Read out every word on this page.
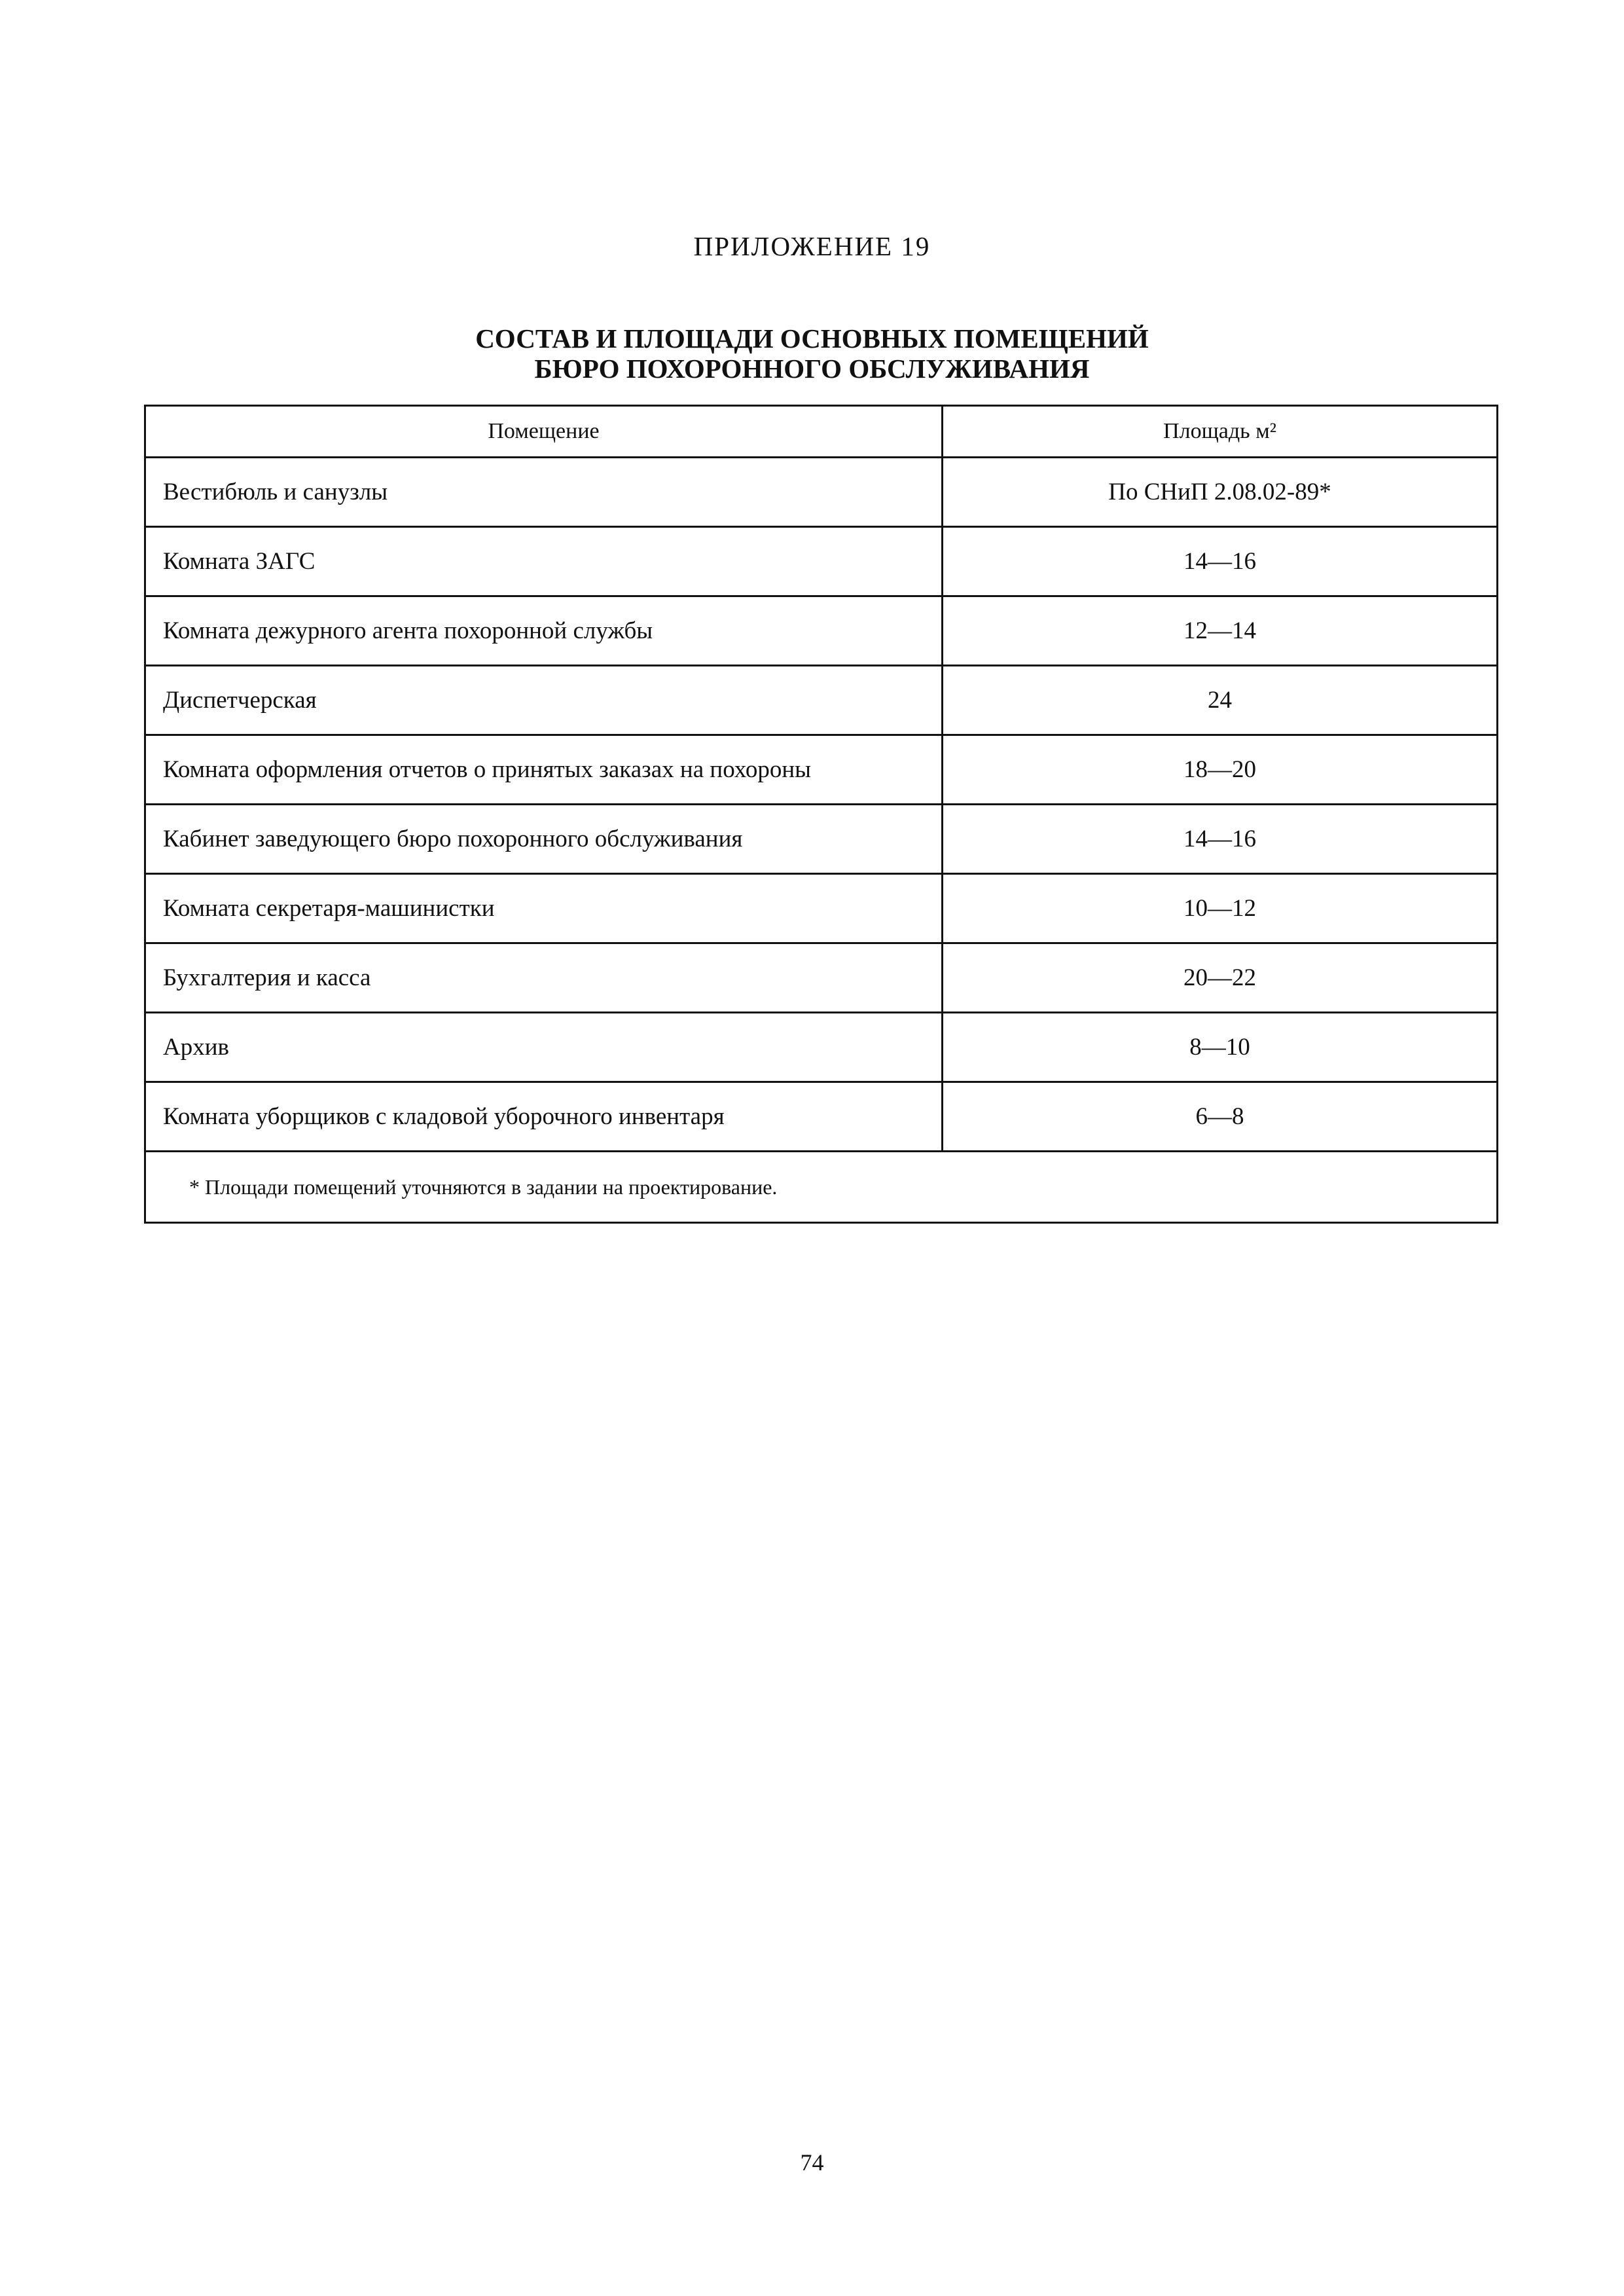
ПРИЛОЖЕНИЕ 19
СОСТАВ И ПЛОЩАДИ ОСНОВНЫХ ПОМЕЩЕНИЙ
БЮРО ПОХОРОННОГО ОБСЛУЖИВАНИЯ
Помещение	Площадь м²
Вестибюль и санузлы	По СНиП 2.08.02-89*
Комната ЗАГС	14—16
Комната дежурного агента похоронной службы	12—14
Диспетчерская	24
Комната оформления отчетов о принятых заказах на похороны	18—20
Кабинет заведующего бюро похоронного обслуживания	14—16
Комната секретаря-машинистки	10—12
Бухгалтерия и касса	20—22
Архив	8—10
Комната уборщиков с кладовой уборочного инвентаря	6—8
* Площади помещений уточняются в задании на проектирование.	
74
